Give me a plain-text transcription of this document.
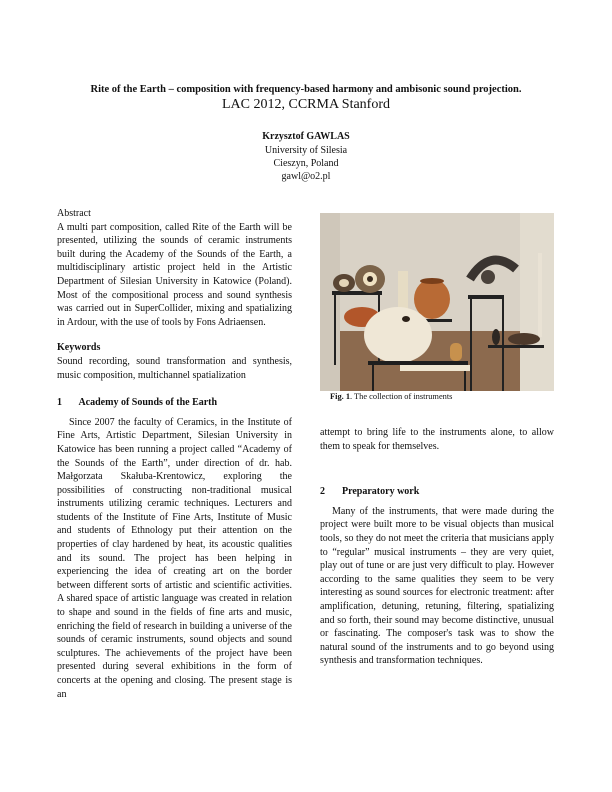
Rite of the Earth – composition with frequency-based harmony and ambisonic sound projection.
LAC 2012, CCRMA Stanford
Krzysztof GAWLAS
University of Silesia
Cieszyn, Poland
gawl@o2.pl
Abstract

A multi part composition, called Rite of the Earth will be presented, utilizing the sounds of ceramic instruments built during the Academy of the Sounds of the Earth, a multidisciplinary artistic project held in the Artistic Department of Silesian University in Katowice (Poland). Most of the compositional process and sound synthesis was carried out in SuperCollider, mixing and spatializing in Ardour, with the use of tools by Fons Adriaensen.

Keywords

Sound recording, sound transformation and synthesis, music composition, multichannel spatialization

1 Academy of Sounds of the Earth

Since 2007 the faculty of Ceramics, in the Institute of Fine Arts, Artistic Department, Silesian University in Katowice has been running a project called “Academy of the Sounds of the Earth”, under direction of dr. hab. Małgorzata Skałuba-Krentowicz, exploring the possibilities of constructing non-traditional musical instruments utilizing ceramic techniques. Lecturers and students of the Institute of Fine Arts, Institute of Music and students of Ethnology put their attention on the properties of clay hardened by heat, its acoustic qualities and its sound. The project has been helping in experiencing the idea of creating art on the border between different sorts of artistic and scientific activities. A shared space of artistic language was created in relation to shape and sound in the fields of fine arts and music, enriching the field of research in building a universe of the sounds of ceramic instruments, sound objects and sound sculptures. The achievements of the project have been presented during several exhibitions in the form of concerts at the opening and closing. The present stage is an

Fig. 1. The collection of instruments

attempt to bring life to the instruments alone, to allow them to speak for themselves.

2 Preparatory work

Many of the instruments, that were made during the project were built more to be visual objects than musical tools, so they do not meet the criteria that musicians apply to “regular” musical instruments – they are very quiet, play out of tune or are just very difficult to play. However according to the same qualities they seem to be very interesting as sound sources for electronic treatment: after amplification, detuning, retuning, filtering, spatializing and so forth, their sound may become distinctive, unusual or fascinating. The composer's task was to show the natural sound of the instruments and to go beyond using synthesis and transformation techniques.
